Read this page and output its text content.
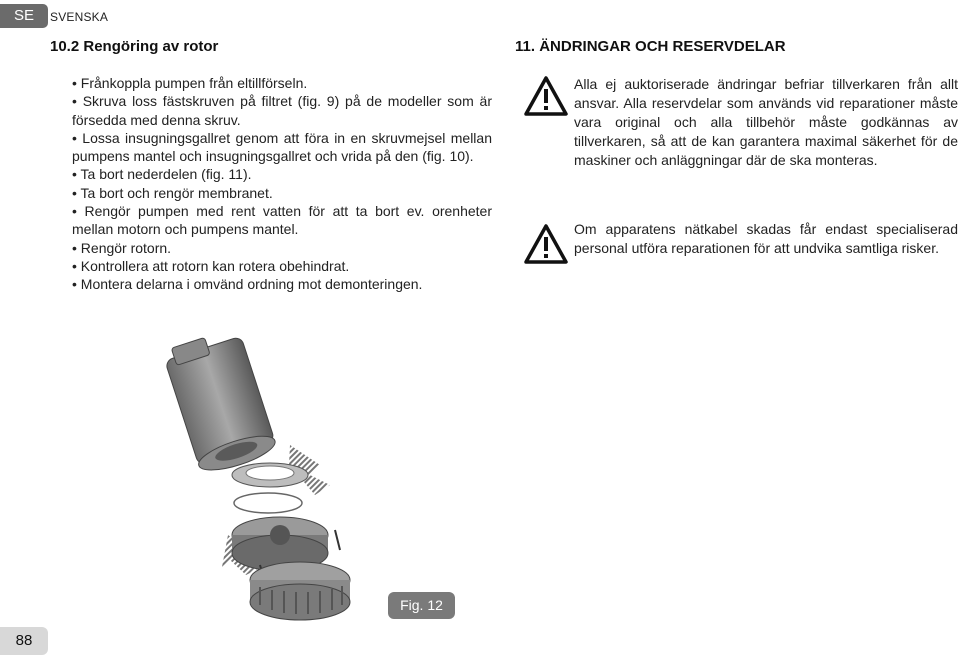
SE	SVENSKA
10.2 Rengöring av rotor
• Frånkoppla pumpen från eltillförseln.
• Skruva loss fästskruven på filtret (fig. 9) på de modeller som är försedda med denna skruv.
• Lossa insugningsgallret genom att föra in en skruvmejsel mellan pumpens mantel och insugningsgallret och vrida på den (fig. 10).
• Ta bort nederdelen (fig. 11).
• Ta bort och rengör membranet.
• Rengör pumpen med rent vatten för att ta bort ev. orenheter mellan motorn och pumpens mantel.
• Rengör rotorn.
• Kontrollera att rotorn kan rotera obehindrat.
• Montera delarna i omvänd ordning mot demonteringen.
11. ÄNDRINGAR OCH RESERVDELAR
Alla ej auktoriserade ändringar befriar tillverkaren från allt ansvar. Alla reservdelar som används vid reparationer måste vara original och alla tillbehör måste godkännas av tillverkaren, så att de kan garantera maximal säkerhet för de maskiner och anläggningar där de ska monteras.
Om apparatens nätkabel skadas får endast specialiserad personal utföra reparationen för att undvika samtliga risker.
Fig. 12
88
